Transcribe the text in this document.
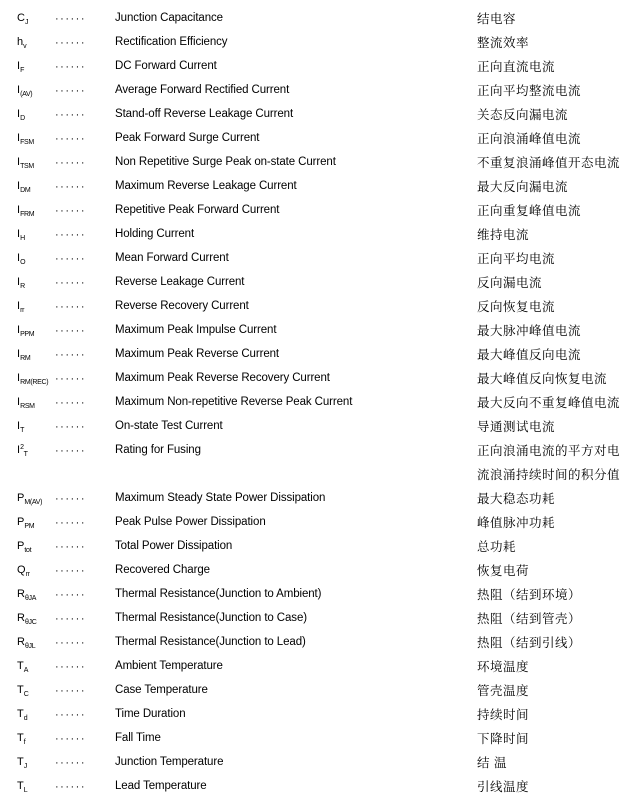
$C_J$	······	Junction Capacitance	结电容
$h_v$	······	Rectification Efficiency	整流效率
$I_F$	······	DC Forward Current	正向直流电流
$I_{(AV)}$	······	Average Forward Rectified Current	正向平均整流电流
$I_D$	······	Stand-off Reverse Leakage Current	关态反向漏电流
$I_{FSM}$	······	Peak Forward Surge Current	正向浪涌峰值电流
$I_{TSM}$	······	Non Repetitive Surge Peak on-state Current	不重复浪涌峰值开态电流
$I_{DM}$	······	Maximum Reverse Leakage Current	最大反向漏电流
$I_{FRM}$	······	Repetitive Peak Forward Current	正向重复峰值电流
$I_H$	······	Holding Current	维持电流
$I_O$	······	Mean Forward Current	正向平均电流
$I_R$	······	Reverse Leakage Current	反向漏电流
$I_{rr}$	······	Reverse Recovery Current	反向恢复电流
$I_{PPM}$	······	Maximum Peak Impulse Current	最大脉冲峰值电流
$I_{RM}$	······	Maximum Peak Reverse Current	最大峰值反向电流
$I_{RM(REC)}$ ······	Maximum Peak Reverse Recovery Current	最大峰值反向恢复电流
$I_{RSM}$	······	Maximum Non-repetitive Reverse Peak Current	最大反向不重复峰值电流
$I_T$	······	On-state Test Current	导通测试电流
$I^2_T$	······	Rating for Fusing	正向浪涌电流的平方对电
流浪涌持续时间的积分值
$P_{M(AV)}$	······	Maximum Steady State Power Dissipation	最大稳态功耗
$P_{PM}$	······	Peak Pulse Power Dissipation	峰值脉冲功耗
$P_{tot}$	······	Total Power Dissipation	总功耗
$Q_{rr}$	······	Recovered Charge	恢复电荷
$R_{\theta JA}$	······	Thermal Resistance(Junction to Ambient)	热阻（结到环境）
$R_{\theta JC}$	······	Thermal Resistance(Junction to Case)	热阻（结到管壳）
$R_{\theta JL}$	······	Thermal Resistance(Junction to Lead)	热阻（结到引线）
$T_A$	······	Ambient Temperature	环境温度
$T_C$	······	Case Temperature	管壳温度
$T_d$	······	Time Duration	持续时间
$T_f$	······	Fall Time	下降时间
$T_J$	······	Junction Temperature	结 温
$T_L$	······	Lead Temperature	引线温度
